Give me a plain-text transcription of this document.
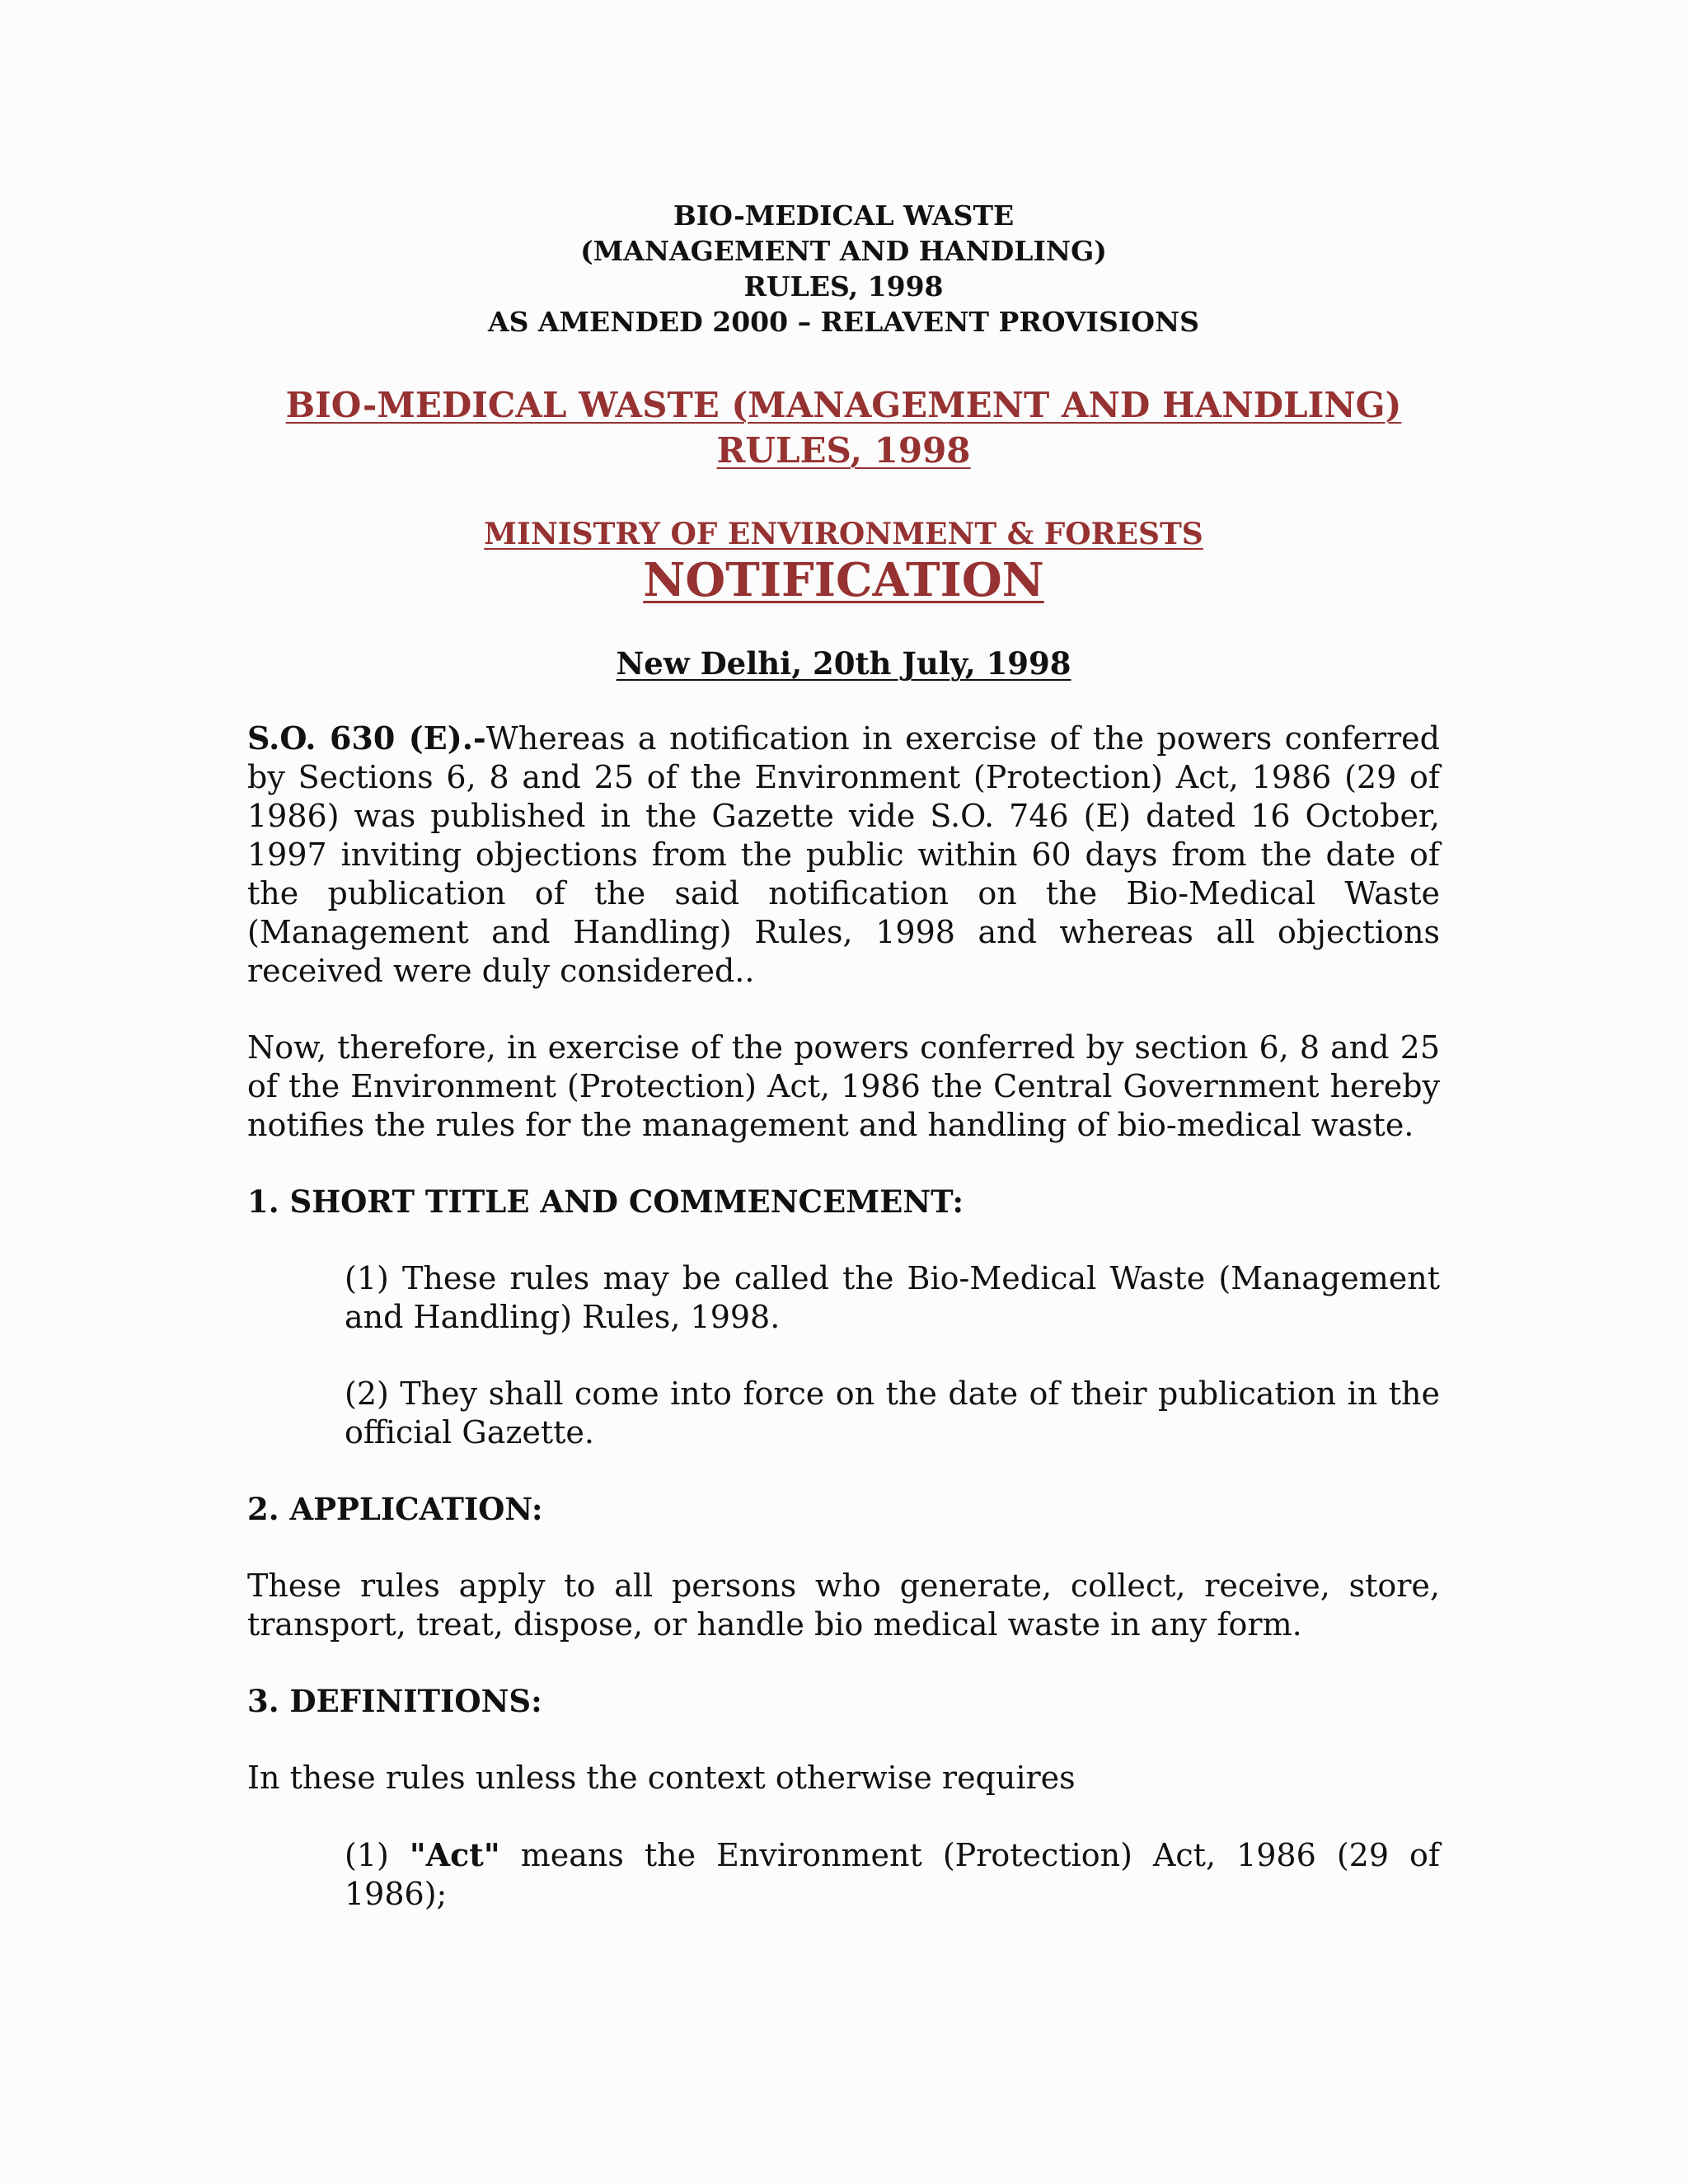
BIO-MEDICAL WASTE
(MANAGEMENT AND HANDLING)
RULES, 1998
AS AMENDED 2000 – RELAVENT PROVISIONS
BIO-MEDICAL WASTE (MANAGEMENT AND HANDLING)
RULES, 1998
MINISTRY OF ENVIRONMENT & FORESTS
NOTIFICATION
New Delhi, 20th July, 1998

S.O. 630 (E).-Whereas a notification in exercise of the powers conferred by Sections 6, 8 and 25 of the Environment (Protection) Act, 1986 (29 of 1986) was published in the Gazette vide S.O. 746 (E) dated 16 October, 1997 inviting objections from the public within 60 days from the date of the publication of the said notification on the Bio-Medical Waste (Management and Handling) Rules, 1998 and whereas all objections received were duly considered..

Now, therefore, in exercise of the powers conferred by section 6, 8 and 25 of the Environment (Protection) Act, 1986 the Central Government hereby notifies the rules for the management and handling of bio-medical waste.

1. SHORT TITLE AND COMMENCEMENT:

(1) These rules may be called the Bio-Medical Waste (Management and Handling) Rules, 1998.

(2) They shall come into force on the date of their publication in the official Gazette.

2. APPLICATION:

These rules apply to all persons who generate, collect, receive, store, transport, treat, dispose, or handle bio medical waste in any form.

3. DEFINITIONS:

In these rules unless the context otherwise requires

(1) "Act" means the Environment (Protection) Act, 1986 (29 of 1986);
